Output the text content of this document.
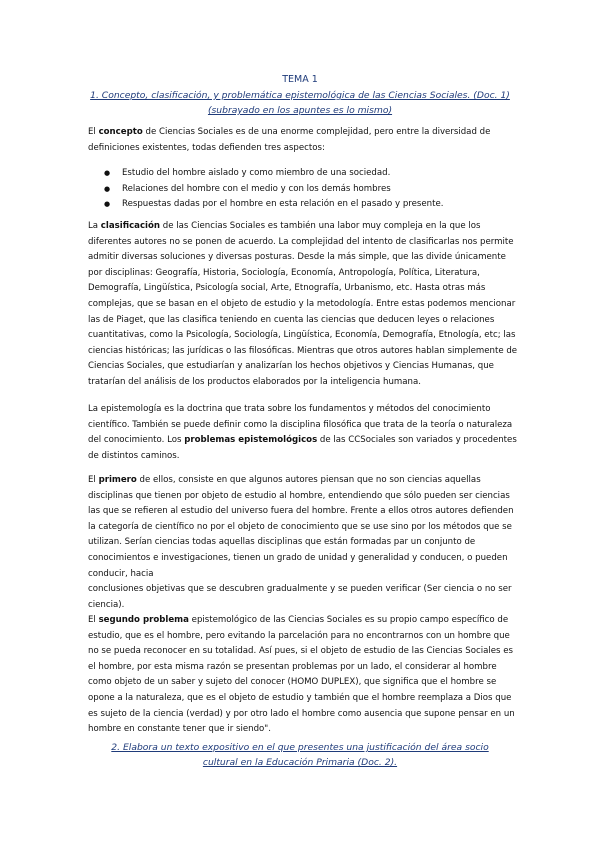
TEMA 1
1. Concepto, clasificación, y problemática epistemológica de las Ciencias Sociales. (Doc. 1)
(subrayado en los apuntes es lo mismo)
El concepto de Ciencias Sociales es de una enorme complejidad, pero entre la diversidad de definiciones existentes, todas defienden tres aspectos:
● Estudio del hombre aislado y como miembro de una sociedad.
● Relaciones del hombre con el medio y con los demás hombres
● Respuestas dadas por el hombre en esta relación en el pasado y presente.
La clasificación de las Ciencias Sociales es también una labor muy compleja en la que los diferentes autores no se ponen de acuerdo. La complejidad del intento de clasificarlas nos permite admitir diversas soluciones y diversas posturas. Desde la más simple, que las divide únicamente por disciplinas: Geografía, Historia, Sociología, Economía, Antropología, Política, Literatura, Demografía, Lingüística, Psicología social, Arte, Etnografía, Urbanismo, etc. Hasta otras más complejas, que se basan en el objeto de estudio y la metodología. Entre estas podemos mencionar las de Piaget, que las clasifica teniendo en cuenta las ciencias que deducen leyes o relaciones cuantitativas, como la Psicología, Sociología, Lingüística, Economía, Demografía, Etnología, etc; las ciencias históricas; las jurídicas o las filosóficas. Mientras que otros autores hablan simplemente de Ciencias Sociales, que estudiarían y analizarían los hechos objetivos y Ciencias Humanas, que tratarían del análisis de los productos elaborados por la inteligencia humana.
La epistemología es la doctrina que trata sobre los fundamentos y métodos del conocimiento científico. También se puede definir como la disciplina filosófica que trata de la teoría o naturaleza del conocimiento. Los problemas epistemológicos de las CCSociales son variados y procedentes de distintos caminos.
El primero de ellos, consiste en que algunos autores piensan que no son ciencias aquellas disciplinas que tienen por objeto de estudio al hombre, entendiendo que sólo pueden ser ciencias las que se refieren al estudio del universo fuera del hombre. Frente a ellos otros autores defienden la categoría de científico no por el objeto de conocimiento que se use sino por los métodos que se utilizan. Serían ciencias todas aquellas disciplinas que están formadas par un conjunto de conocimientos e investigaciones, tienen un grado de unidad y generalidad y conducen, o pueden conducir, hacia
conclusiones objetivas que se descubren gradualmente y se pueden verificar (Ser ciencia o no ser ciencia).
El segundo problema epistemológico de las Ciencias Sociales es su propio campo específico de estudio, que es el hombre, pero evitando la parcelación para no encontrarnos con un hombre que no se pueda reconocer en su totalidad. Así pues, si el objeto de estudio de las Ciencias Sociales es el hombre, por esta misma razón se presentan problemas por un lado, el considerar al hombre como objeto de un saber y sujeto del conocer (HOMO DUPLEX), que significa que el hombre se opone a la naturaleza, que es el objeto de estudio y también que el hombre reemplaza a Dios que es sujeto de la ciencia (verdad) y por otro lado el hombre como ausencia que supone pensar en un hombre en constante tener que ir siendo".
2. Elabora un texto expositivo en el que presentes una justificación del área socio
cultural en la Educación Primaria (Doc. 2).
